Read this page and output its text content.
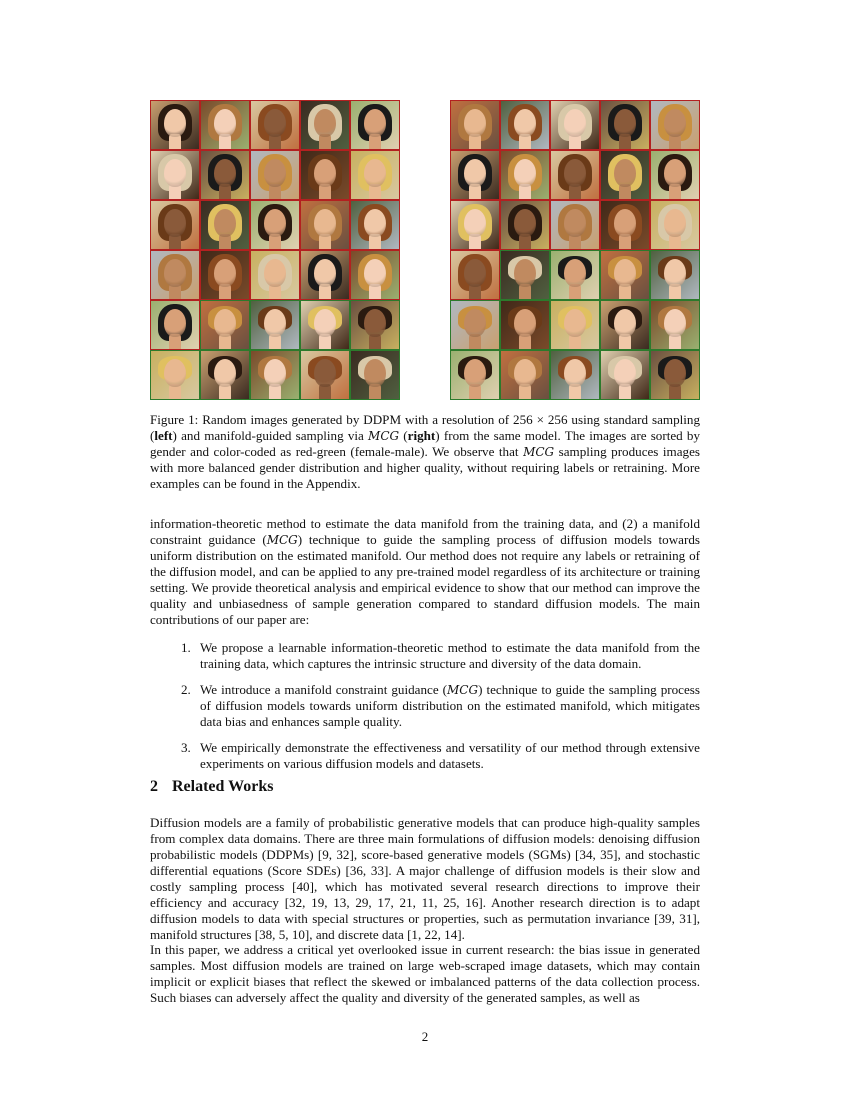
Figure 1: Random images generated by DDPM with a resolution of 256 × 256 using standard sampling (left) and manifold-guided sampling via MCG (right) from the same model. The images are sorted by gender and color-coded as red-green (female-male). We observe that MCG sampling produces images with more balanced gender distribution and higher quality, without requiring labels or retraining. More examples can be found in the Appendix.

information-theoretic method to estimate the data manifold from the training data, and (2) a manifold constraint guidance (MCG) technique to guide the sampling process of diffusion models towards uniform distribution on the estimated manifold. Our method does not require any labels or retraining of the diffusion model, and can be applied to any pre-trained model regardless of its architecture or training setting. We provide theoretical analysis and empirical evidence to show that our method can improve the quality and unbiasedness of sample generation compared to standard diffusion models. The main contributions of our paper are:

1. We propose a learnable information-theoretic method to estimate the data manifold from the training data, which captures the intrinsic structure and diversity of the data domain.
2. We introduce a manifold constraint guidance (MCG) technique to guide the sampling process of diffusion models towards uniform distribution on the estimated manifold, which mitigates data bias and enhances sample quality.
3. We empirically demonstrate the effectiveness and versatility of our method through extensive experiments on various diffusion models and datasets.
2 Related Works

Diffusion models are a family of probabilistic generative models that can produce high-quality samples from complex data domains. There are three main formulations of diffusion models: denoising diffusion probabilistic models (DDPMs) [9, 32], score-based generative models (SGMs) [34, 35], and stochastic differential equations (Score SDEs) [36, 33]. A major challenge of diffusion models is their slow and costly sampling process [40], which has motivated several research directions to improve their efficiency and accuracy [32, 19, 13, 29, 17, 21, 11, 25, 16]. Another research direction is to adapt diffusion models to data with special structures or properties, such as permutation invariance [39, 31], manifold structures [38, 5, 10], and discrete data [1, 22, 14].

In this paper, we address a critical yet overlooked issue in current research: the bias issue in generated samples. Most diffusion models are trained on large web-scraped image datasets, which may contain implicit or explicit biases that reflect the skewed or imbalanced patterns of the data collection process. Such biases can adversely affect the quality and diversity of the generated samples, as well as

2
